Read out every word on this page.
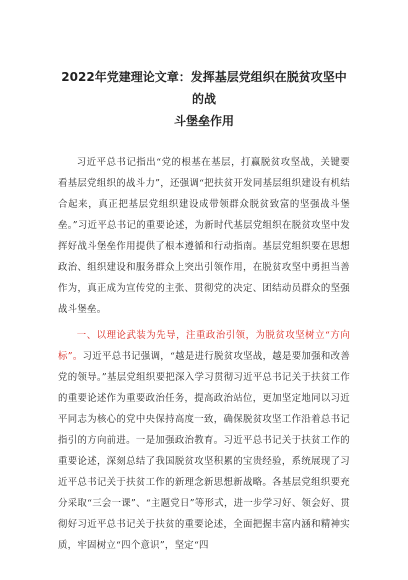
2022年党建理论文章：发挥基层党组织在脱贫攻坚中的战
斗堡垒作用

习近平总书记指出“党的根基在基层，打赢脱贫攻坚战，关键要看基层党组织的战斗力”，还强调“把扶贫开发同基层组织建设有机结合起来，真正把基层党组织建设成带领群众脱贫致富的坚强战斗堡垒。”习近平总书记的重要论述，为新时代基层党组织在脱贫攻坚中发挥好战斗堡垒作用提供了根本遵循和行动指南。基层党组织要在思想政治、组织建设和服务群众上突出引领作用，在脱贫攻坚中勇担当善作为，真正成为宣传党的主张、贯彻党的决定、团结动员群众的坚强战斗堡垒。

一、以理论武装为先导，注重政治引领，为脱贫攻坚树立“方向标”。习近平总书记强调，“越是进行脱贫攻坚战，越是要加强和改善党的领导。”基层党组织要把深入学习贯彻习近平总书记关于扶贫工作的重要论述作为重要政治任务，提高政治站位，更加坚定地同以习近平同志为核心的党中央保持高度一致，确保脱贫攻坚工作沿着总书记指引的方向前进。一是加强政治教育。习近平总书记关于扶贫工作的重要论述，深刻总结了我国脱贫攻坚积累的宝贵经验，系统展现了习近平总书记关于扶贫工作的新理念新思想新战略。各基层党组织要充分采取“三会一课”、“主题党日”等形式，进一步学习好、领会好、贯彻好习近平总书记关于扶贫的重要论述，全面把握丰富内涵和精神实质，牢固树立“四个意识”，坚定“四
